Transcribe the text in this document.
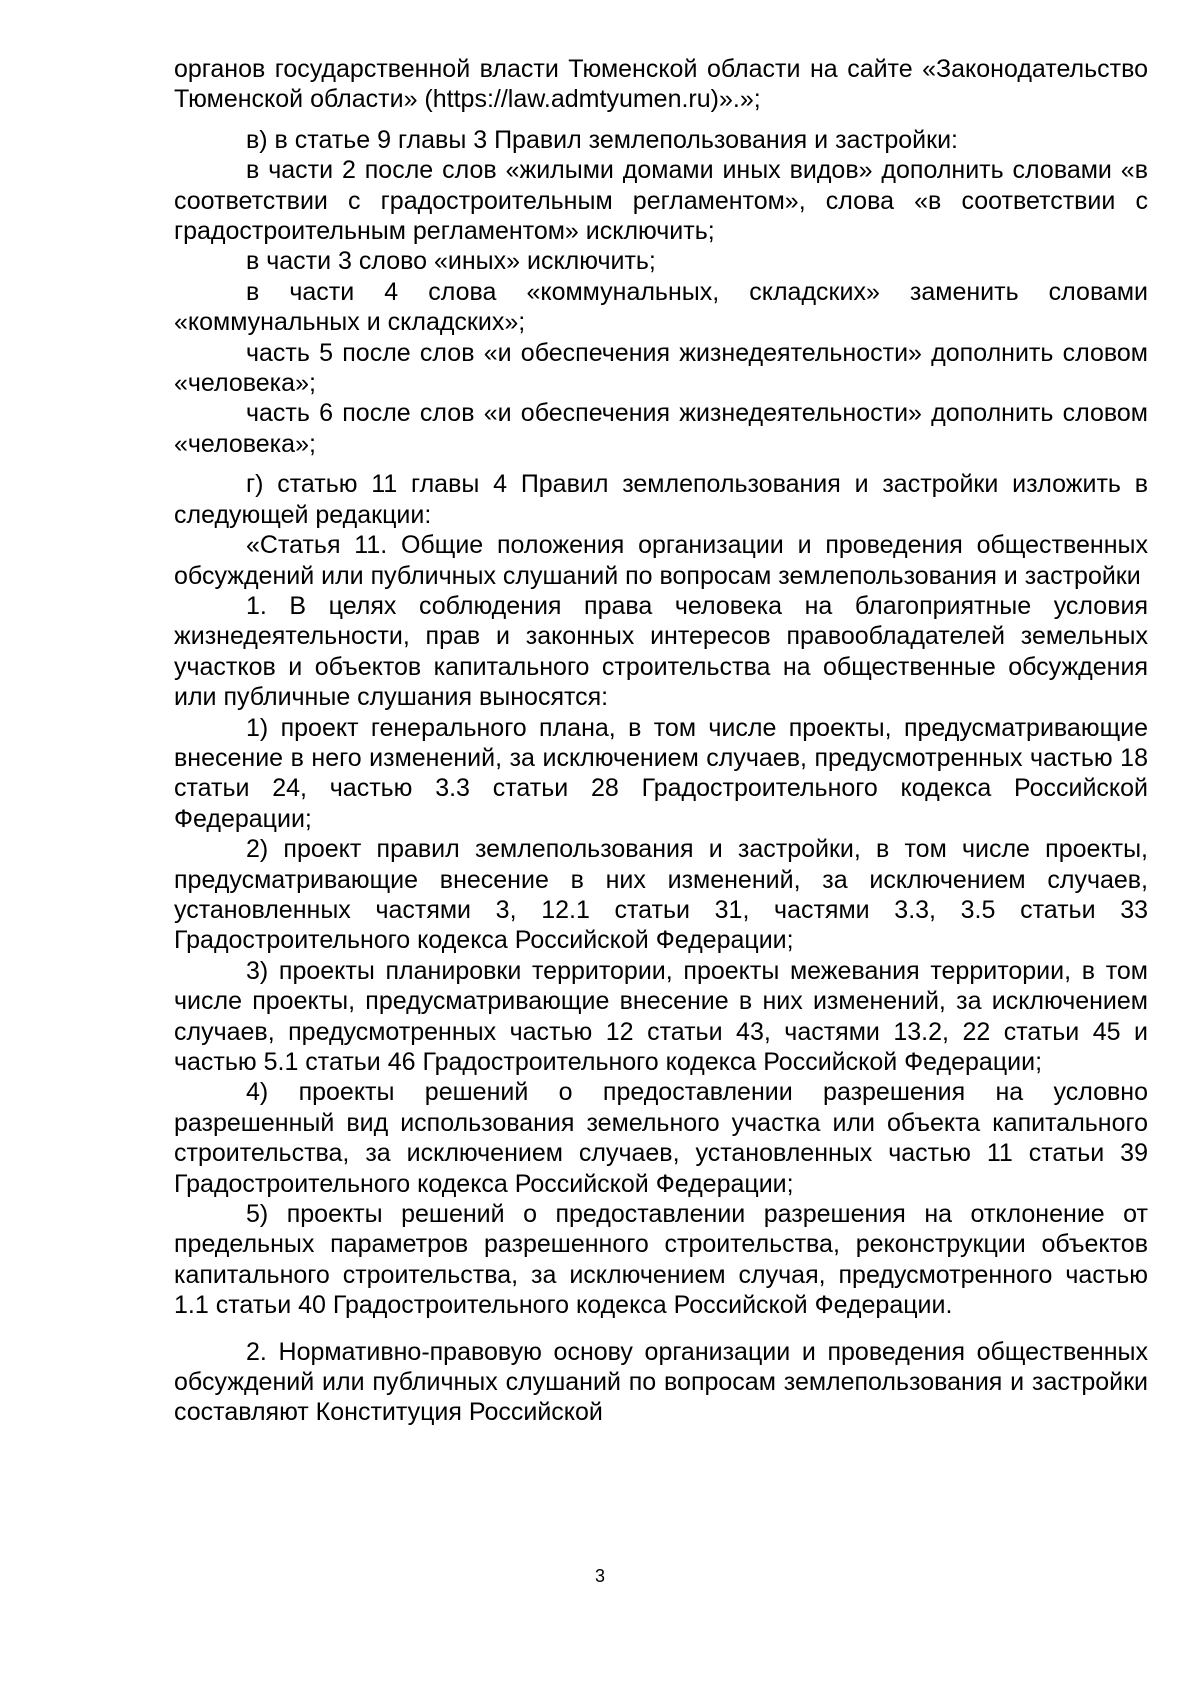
органов государственной власти Тюменской области на сайте «Законодательство Тюменской области» (https://law.admtyumen.ru)».»;

в) в статье 9 главы 3 Правил землепользования и застройки:

в части 2 после слов «жилыми домами иных видов» дополнить словами «в соответствии с градостроительным регламентом», слова «в соответствии с градостроительным регламентом» исключить;

в части 3 слово «иных» исключить;

в части 4 слова «коммунальных, складских» заменить словами «коммунальных и складских»;

часть 5 после слов «и обеспечения жизнедеятельности» дополнить словом «человека»;

часть 6 после слов «и обеспечения жизнедеятельности» дополнить словом «человека»;

г) статью 11 главы 4 Правил землепользования и застройки изложить в следующей редакции:

«Статья 11. Общие положения организации и проведения общественных обсуждений или публичных слушаний по вопросам землепользования и застройки

1. В целях соблюдения права человека на благоприятные условия жизнедеятельности, прав и законных интересов правообладателей земельных участков и объектов капитального строительства на общественные обсуждения или публичные слушания выносятся:

1) проект генерального плана, в том числе проекты, предусматривающие внесение в него изменений, за исключением случаев, предусмотренных частью 18 статьи 24, частью 3.3 статьи 28 Градостроительного кодекса Российской Федерации;

2) проект правил землепользования и застройки, в том числе проекты, предусматривающие внесение в них изменений, за исключением случаев, установленных частями 3, 12.1 статьи 31, частями 3.3, 3.5 статьи 33 Градостроительного кодекса Российской Федерации;

3) проекты планировки территории, проекты межевания территории, в том числе проекты, предусматривающие внесение в них изменений, за исключением случаев, предусмотренных частью 12 статьи 43, частями 13.2, 22 статьи 45 и частью 5.1 статьи 46 Градостроительного кодекса Российской Федерации;

4) проекты решений о предоставлении разрешения на условно разрешенный вид использования земельного участка или объекта капитального строительства, за исключением случаев, установленных частью 11 статьи 39 Градостроительного кодекса Российской Федерации;

5) проекты решений о предоставлении разрешения на отклонение от предельных параметров разрешенного строительства, реконструкции объектов капитального строительства, за исключением случая, предусмотренного частью 1.1 статьи 40 Градостроительного кодекса Российской Федерации.

2. Нормативно-правовую основу организации и проведения общественных обсуждений или публичных слушаний по вопросам землепользования и застройки составляют Конституция Российской

3
